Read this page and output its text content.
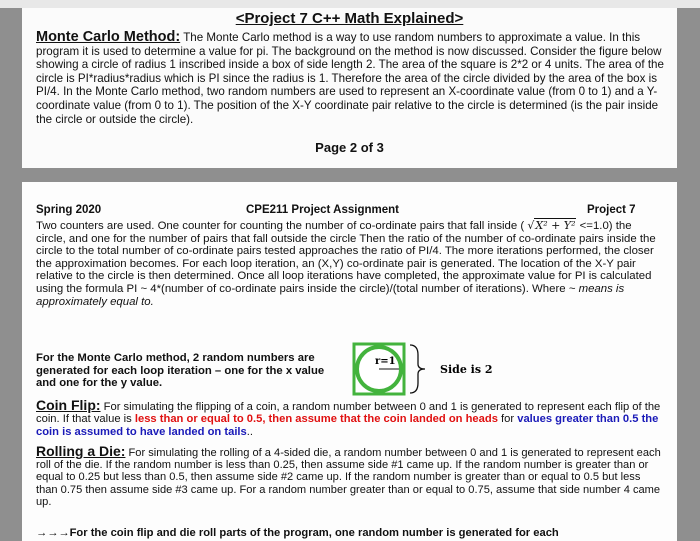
<Project 7 C++ Math Explained>
Monte Carlo Method: The Monte Carlo method is a way to use random numbers to approximate a value. In this program it is used to determine a value for pi. The background on the method is now discussed. Consider the figure below showing a circle of radius 1 inscribed inside a box of side length 2. The area of the square is 2*2 or 4 units. The area of the circle is PI*radius*radius which is PI since the radius is 1. Therefore the area of the circle divided by the area of the box is PI/4. In the Monte Carlo method, two random numbers are used to represent an X-coordinate value (from 0 to 1) and a Y-coordinate value (from 0 to 1). The position of the X-Y coordinate pair relative to the circle is determined (is the pair inside the circle or outside the circle).
Page 2 of 3
Spring 2020	CPE211 Project Assignment	Project 7
Two counters are used. One counter for counting the number of co-ordinate pairs that fall inside ( √X² + Y² <=1.0) the circle, and one for the number of pairs that fall outside the circle Then the ratio of the number of co-ordinate pairs inside the circle to the total number of co-ordinate pairs tested approaches the ratio of PI/4. The more iterations performed, the closer the approximation becomes. For each loop iteration, an (X,Y) co-ordinate pair is generated. The location of the X-Y pair relative to the circle is then determined. Once all loop iterations have completed, the approximate value for PI is calculated using the formula PI ~ 4*(number of co-ordinate pairs inside the circle)/(total number of iterations). Where ~ means is approximately equal to.
For the Monte Carlo method, 2 random numbers are generated for each loop iteration – one for the x value and one for the y value.
r=1
Side is 2
Coin Flip: For simulating the flipping of a coin, a random number between 0 and 1 is generated to represent each flip of the coin. If that value is less than or equal to 0.5, then assume that the coin landed on heads for values greater than 0.5 the coin is assumed to have landed on tails..
Rolling a Die: For simulating the rolling of a 4-sided die, a random number between 0 and 1 is generated to represent each roll of the die. If the random number is less than 0.25, then assume side #1 came up. If the random number is greater than or equal to 0.25 but less than 0.5, then assume side #2 came up. If the random number is greater than or equal to 0.5 but less than 0.75 then assume side #3 came up. For a random number greater than or equal to 0.75, assume that side number 4 came up.
→→→For the coin flip and die roll parts of the program, one random number is generated for each
